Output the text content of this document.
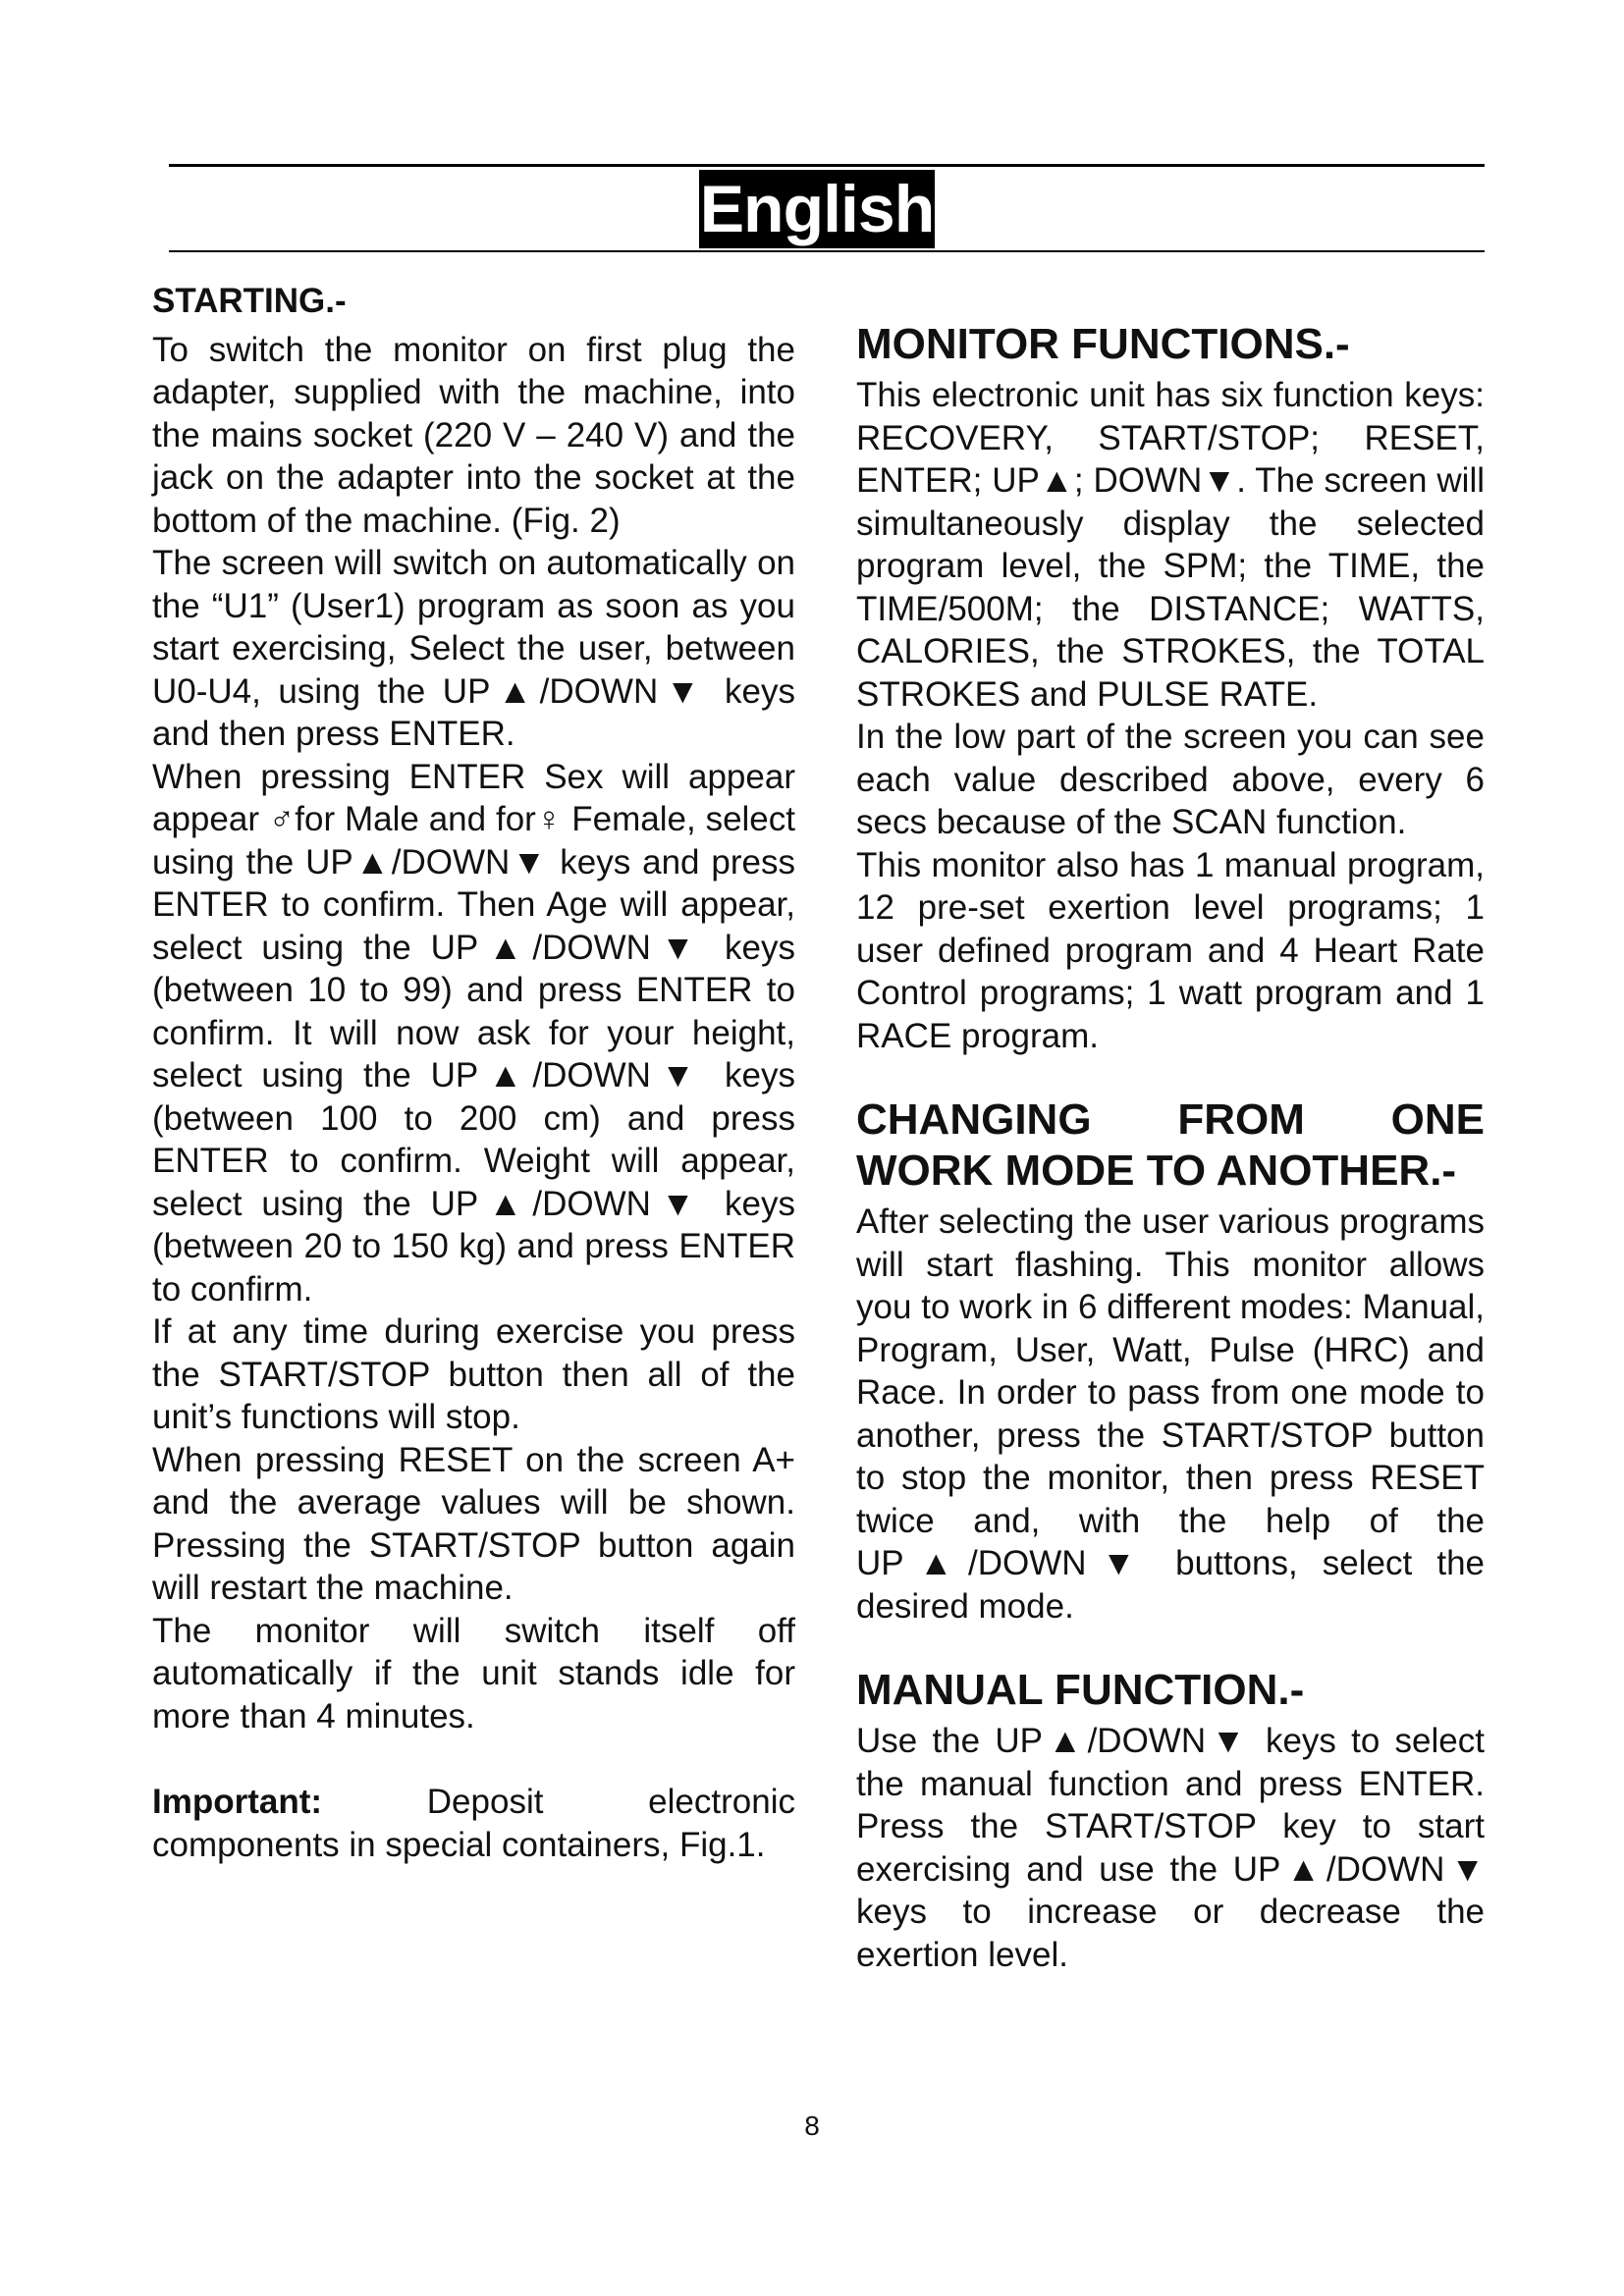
English
STARTING.-

To switch the monitor on first plug the adapter, supplied with the machine, into the mains socket (220 V – 240 V) and the jack on the adapter into the socket at the bottom of the machine. (Fig. 2)

The screen will switch on automatically on the “U1” (User1) program as soon as you start exercising, Select the user, between U0-U4, using the UP▲/DOWN▼ keys and then press ENTER.

When pressing ENTER Sex will appear appear ♂for Male and for♀ Female, select using the UP▲/DOWN▼ keys and press ENTER to confirm. Then Age will appear, select using the UP▲/DOWN▼ keys (between 10 to 99) and press ENTER to confirm. It will now ask for your height, select using the UP▲/DOWN▼ keys (between 100 to 200 cm) and press ENTER to confirm. Weight will appear, select using the UP▲/DOWN▼ keys (between 20 to 150 kg) and press ENTER to confirm.

If at any time during exercise you press the START/STOP button then all of the unit’s functions will stop.

When pressing RESET on the screen A+ and the average values will be shown. Pressing the START/STOP button again will restart the machine.

The monitor will switch itself off automatically if the unit stands idle for more than 4 minutes.

Important:	Deposit electronic components in special containers, Fig.1.

MONITOR FUNCTIONS.-

This electronic unit has six function keys: RECOVERY, START/STOP; RESET, ENTER; UP▲; DOWN▼. The screen will simultaneously display the selected program level, the SPM; the TIME, the TIME/500M; the DISTANCE; WATTS, CALORIES, the STROKES, the TOTAL STROKES and PULSE RATE.

In the low part of the screen you can see each value described above, every 6 secs because of the SCAN function.

This monitor also has 1 manual program, 12 pre-set exertion level programs; 1 user defined program and 4 Heart Rate Control programs; 1 watt program and 1 RACE program.

CHANGING FROM ONE
WORK MODE TO ANOTHER.-

After selecting the user various programs will start flashing. This monitor allows you to work in 6 different modes: Manual, Program, User, Watt, Pulse (HRC) and Race. In order to pass from one mode to another, press the START/STOP button to stop the monitor, then press RESET twice and, with the help of the UP▲/DOWN▼ buttons, select the desired mode.

MANUAL FUNCTION.-

Use the UP▲/DOWN▼ keys to select the manual function and press ENTER. Press the START/STOP key to start exercising and use the UP▲/DOWN▼ keys to increase or decrease the exertion level.

8
